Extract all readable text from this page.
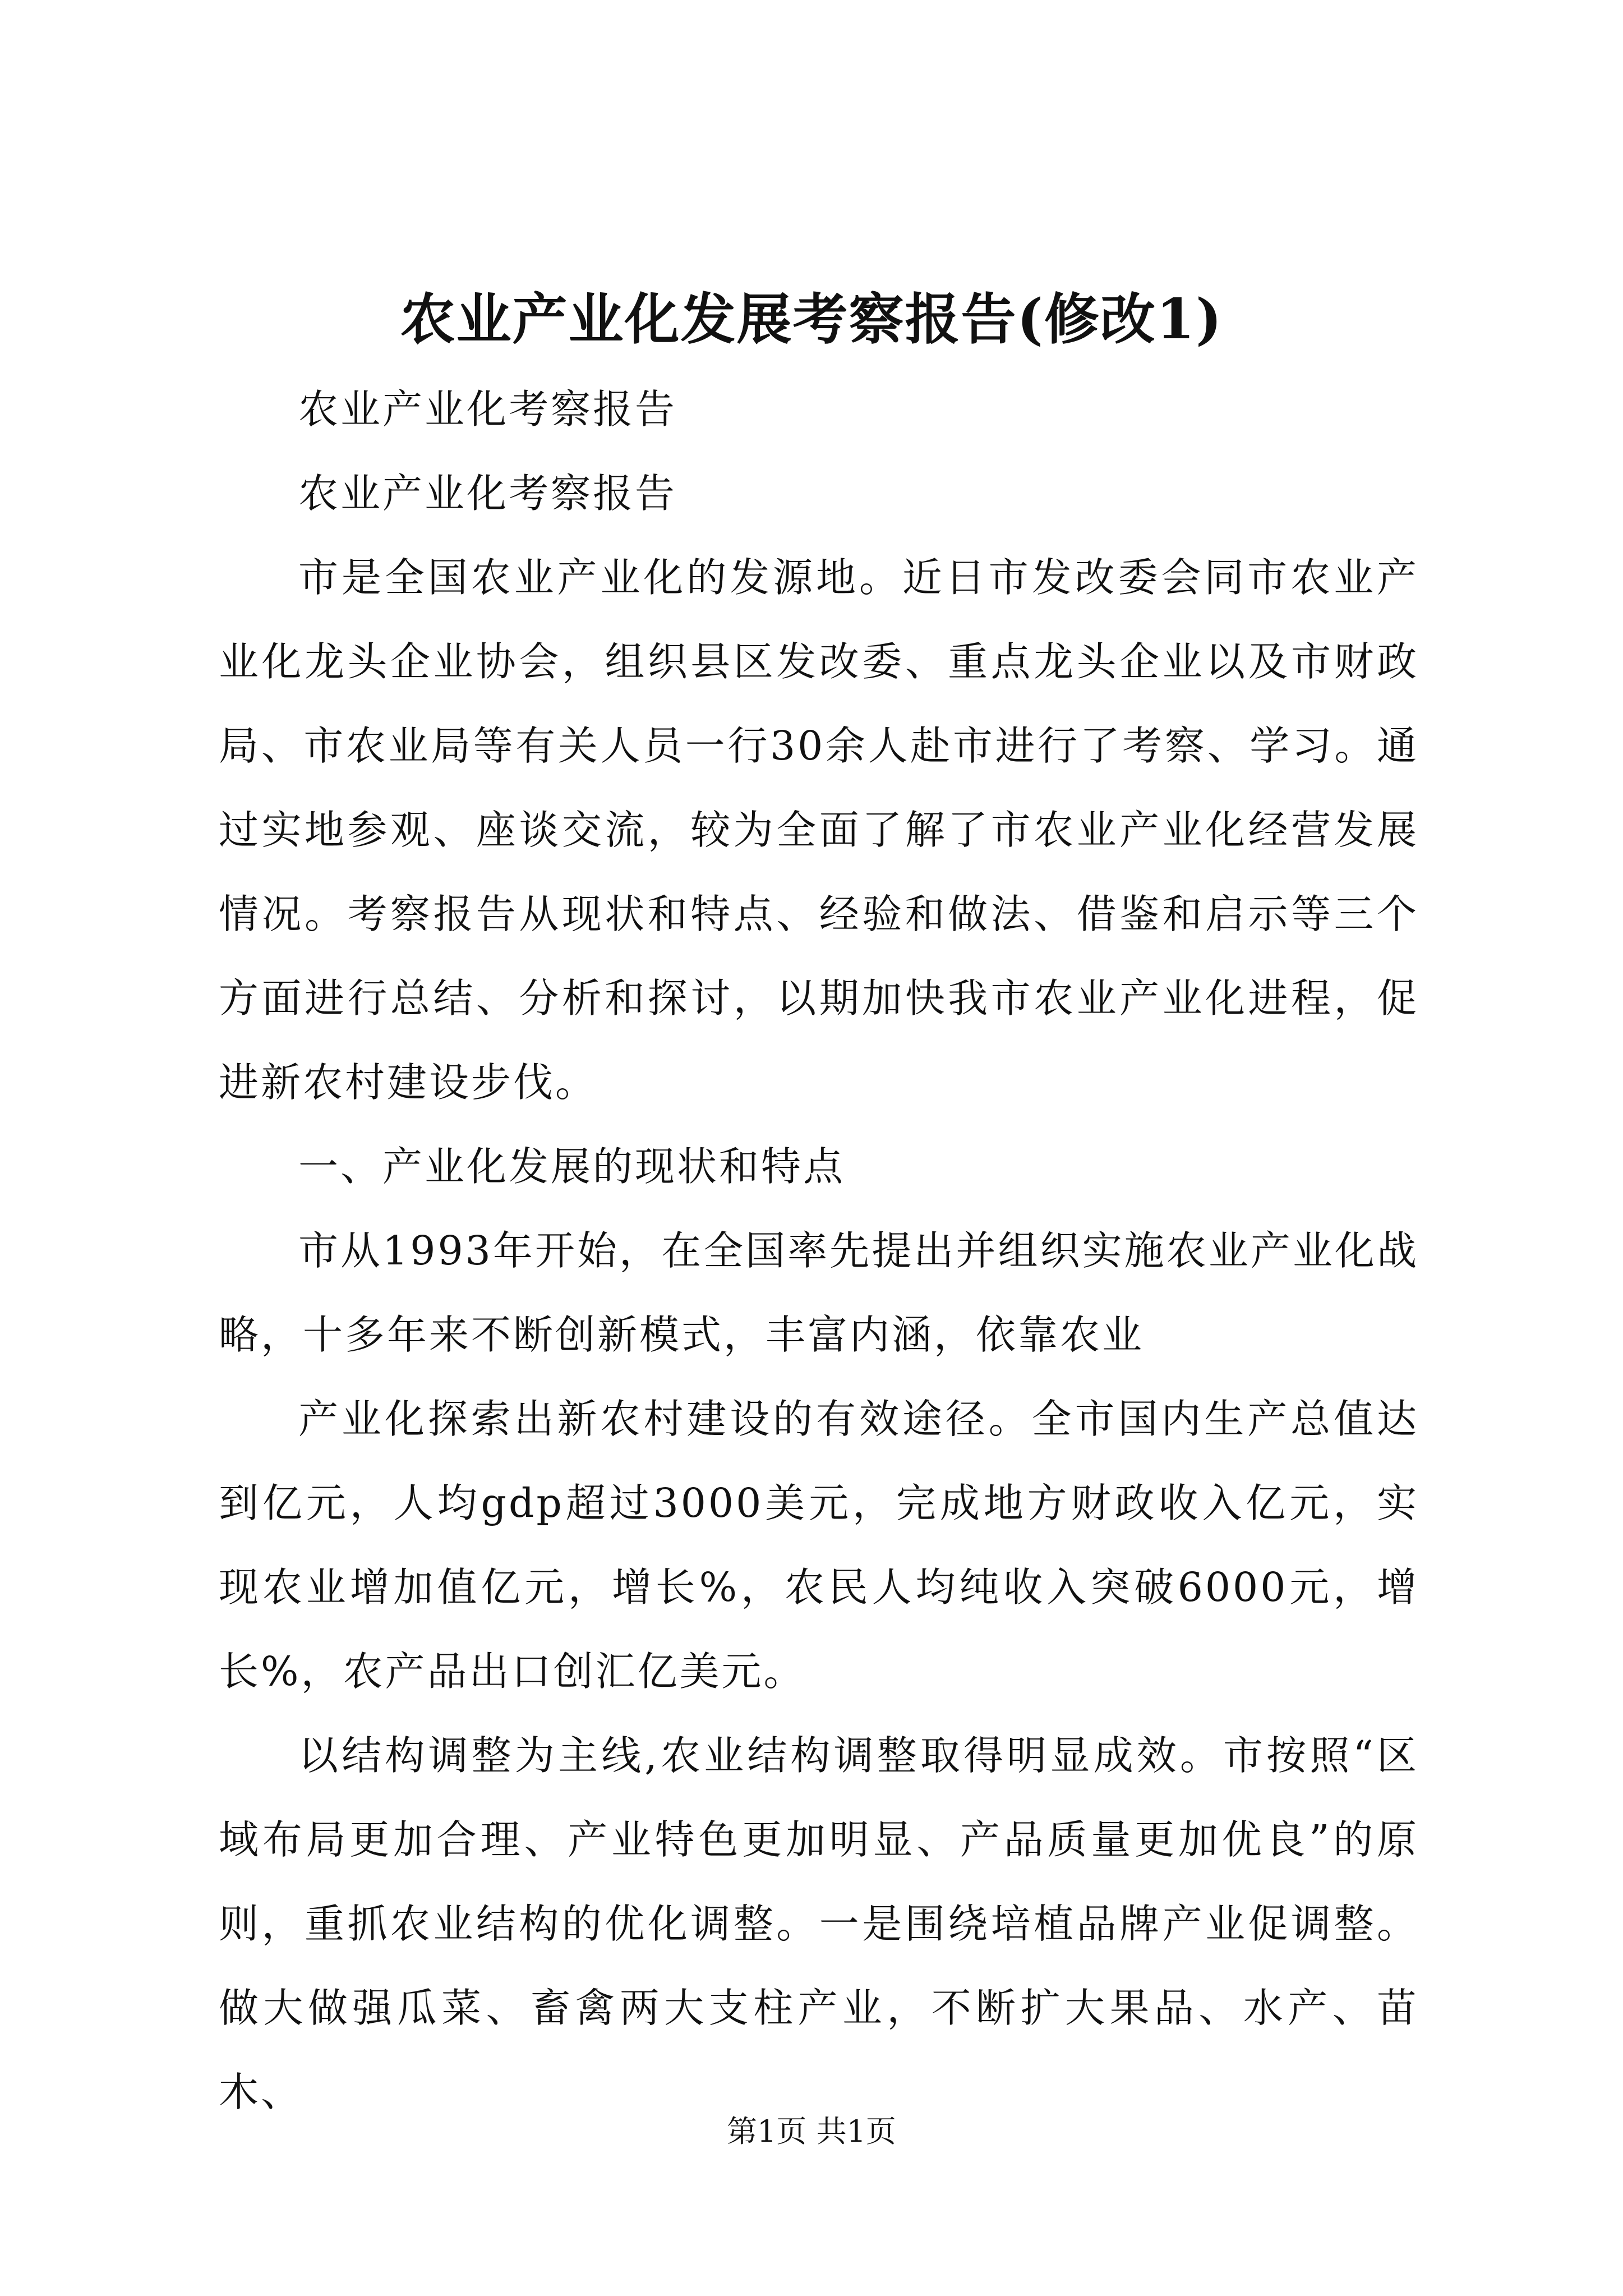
农业产业化发展考察报告(修改1)

农业产业化考察报告

农业产业化考察报告

市是全国农业产业化的发源地。近日市发改委会同市农业产业化龙头企业协会，组织县区发改委、重点龙头企业以及市财政局、市农业局等有关人员一行30余人赴市进行了考察、学习。通过实地参观、座谈交流，较为全面了解了市农业产业化经营发展情况。考察报告从现状和特点、经验和做法、借鉴和启示等三个方面进行总结、分析和探讨，以期加快我市农业产业化进程，促进新农村建设步伐。

一、产业化发展的现状和特点

市从1993年开始，在全国率先提出并组织实施农业产业化战略，十多年来不断创新模式，丰富内涵，依靠农业

产业化探索出新农村建设的有效途径。全市国内生产总值达到亿元，人均gdp超过3000美元，完成地方财政收入亿元，实现农业增加值亿元，增长%，农民人均纯收入突破6000元，增长%，农产品出口创汇亿美元。

以结构调整为主线,农业结构调整取得明显成效。市按照“区域布局更加合理、产业特色更加明显、产品质量更加优良”的原则，重抓农业结构的优化调整。一是围绕培植品牌产业促调整。做大做强瓜菜、畜禽两大支柱产业，不断扩大果品、水产、苗木、

第1页 共1页
